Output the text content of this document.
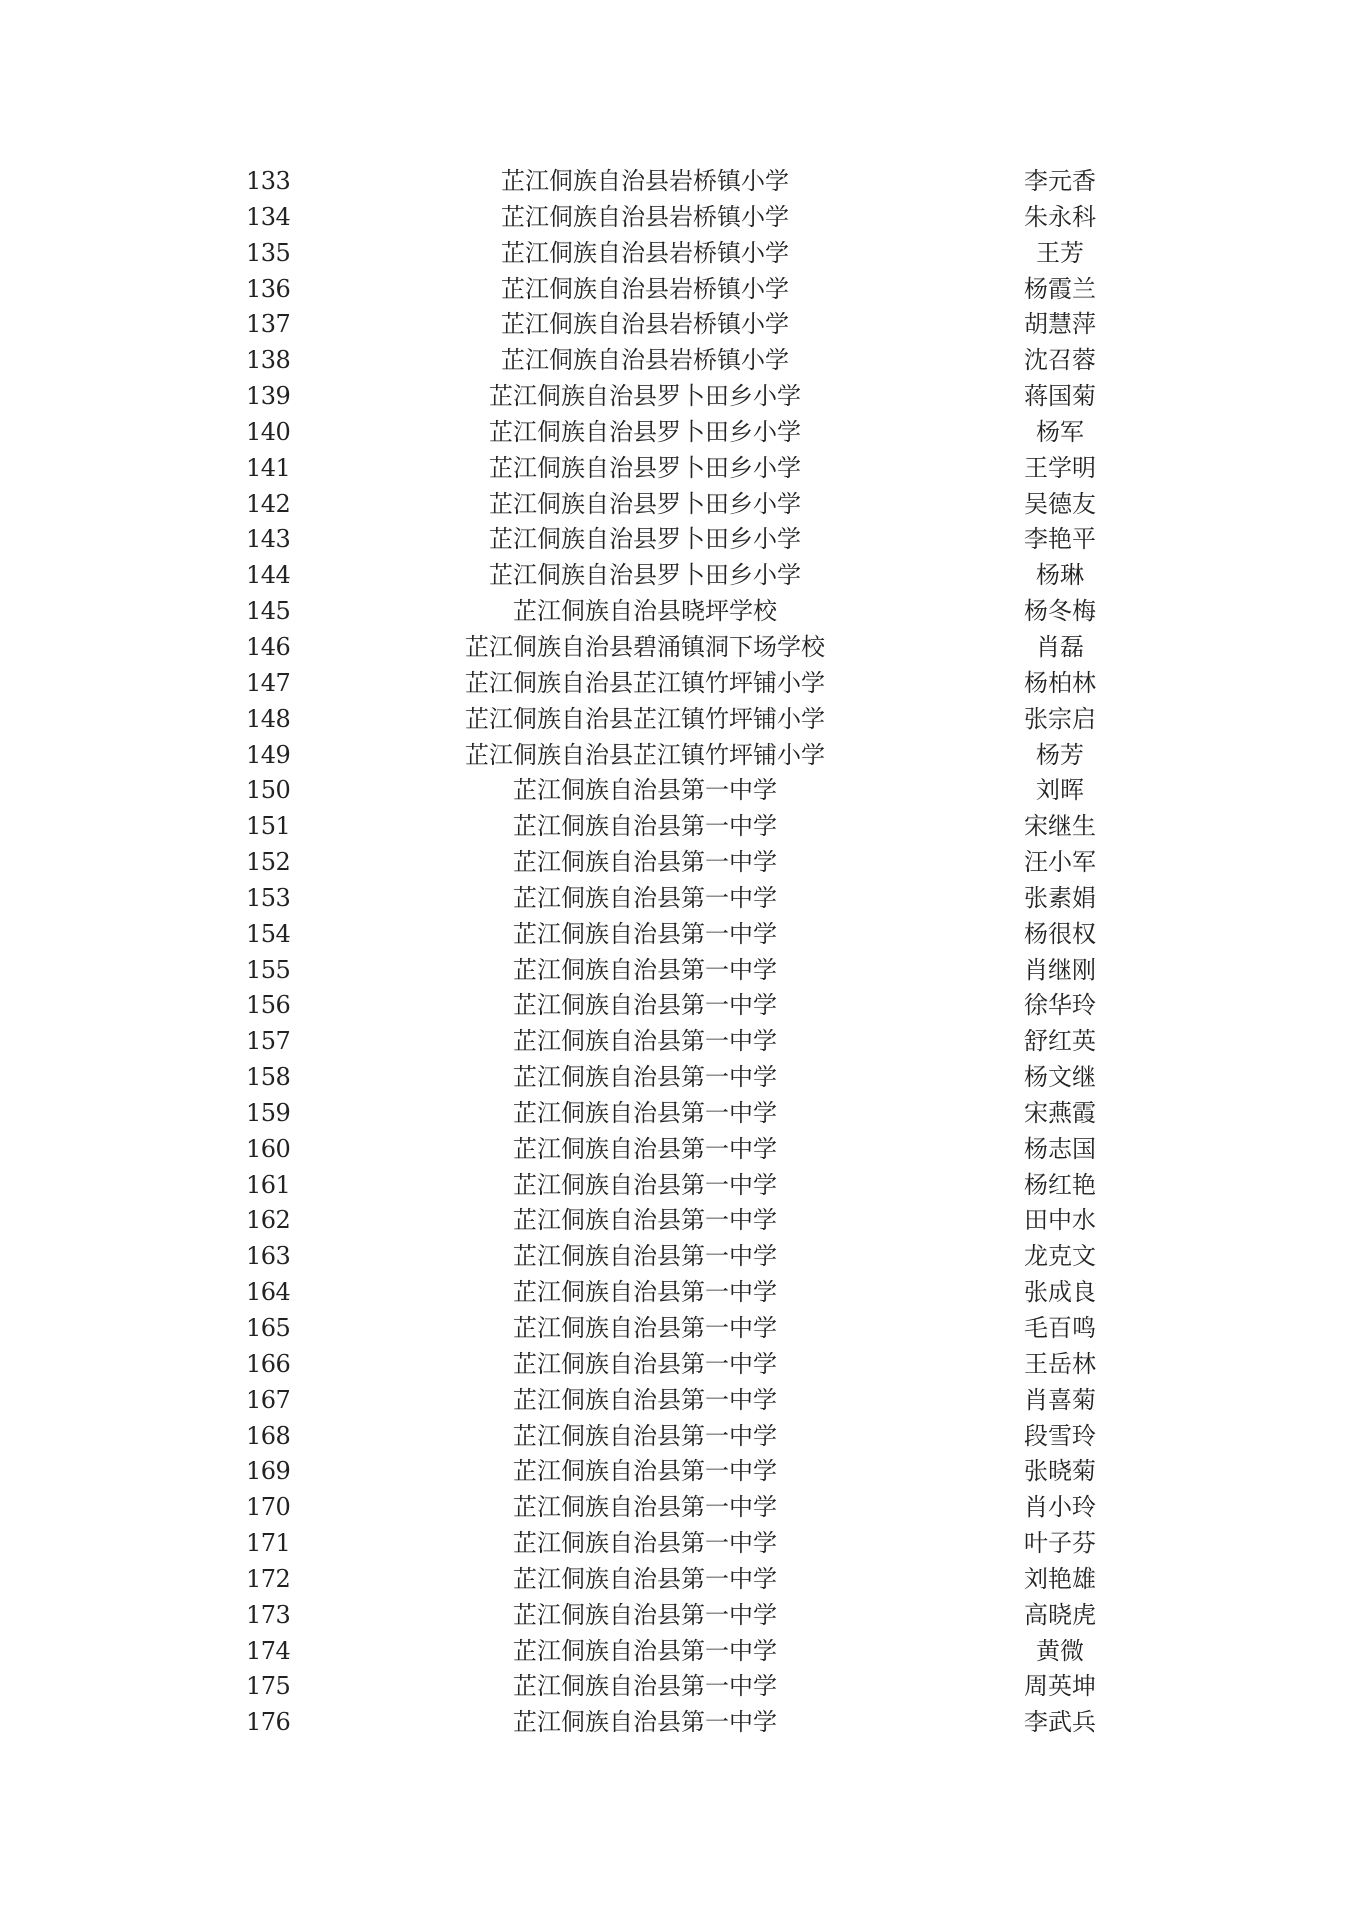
133	芷江侗族自治县岩桥镇小学	李元香
134	芷江侗族自治县岩桥镇小学	朱永科
135	芷江侗族自治县岩桥镇小学	王芳
136	芷江侗族自治县岩桥镇小学	杨霞兰
137	芷江侗族自治县岩桥镇小学	胡慧萍
138	芷江侗族自治县岩桥镇小学	沈召蓉
139	芷江侗族自治县罗卜田乡小学	蒋国菊
140	芷江侗族自治县罗卜田乡小学	杨军
141	芷江侗族自治县罗卜田乡小学	王学明
142	芷江侗族自治县罗卜田乡小学	吴德友
143	芷江侗族自治县罗卜田乡小学	李艳平
144	芷江侗族自治县罗卜田乡小学	杨琳
145	芷江侗族自治县晓坪学校	杨冬梅
146	芷江侗族自治县碧涌镇洞下场学校	肖磊
147	芷江侗族自治县芷江镇竹坪铺小学	杨柏林
148	芷江侗族自治县芷江镇竹坪铺小学	张宗启
149	芷江侗族自治县芷江镇竹坪铺小学	杨芳
150	芷江侗族自治县第一中学	刘晖
151	芷江侗族自治县第一中学	宋继生
152	芷江侗族自治县第一中学	汪小军
153	芷江侗族自治县第一中学	张素娟
154	芷江侗族自治县第一中学	杨很权
155	芷江侗族自治县第一中学	肖继刚
156	芷江侗族自治县第一中学	徐华玲
157	芷江侗族自治县第一中学	舒红英
158	芷江侗族自治县第一中学	杨文继
159	芷江侗族自治县第一中学	宋燕霞
160	芷江侗族自治县第一中学	杨志国
161	芷江侗族自治县第一中学	杨红艳
162	芷江侗族自治县第一中学	田中水
163	芷江侗族自治县第一中学	龙克文
164	芷江侗族自治县第一中学	张成良
165	芷江侗族自治县第一中学	毛百鸣
166	芷江侗族自治县第一中学	王岳林
167	芷江侗族自治县第一中学	肖喜菊
168	芷江侗族自治县第一中学	段雪玲
169	芷江侗族自治县第一中学	张晓菊
170	芷江侗族自治县第一中学	肖小玲
171	芷江侗族自治县第一中学	叶子芬
172	芷江侗族自治县第一中学	刘艳雄
173	芷江侗族自治县第一中学	高晓虎
174	芷江侗族自治县第一中学	黄微
175	芷江侗族自治县第一中学	周英坤
176	芷江侗族自治县第一中学	李武兵
